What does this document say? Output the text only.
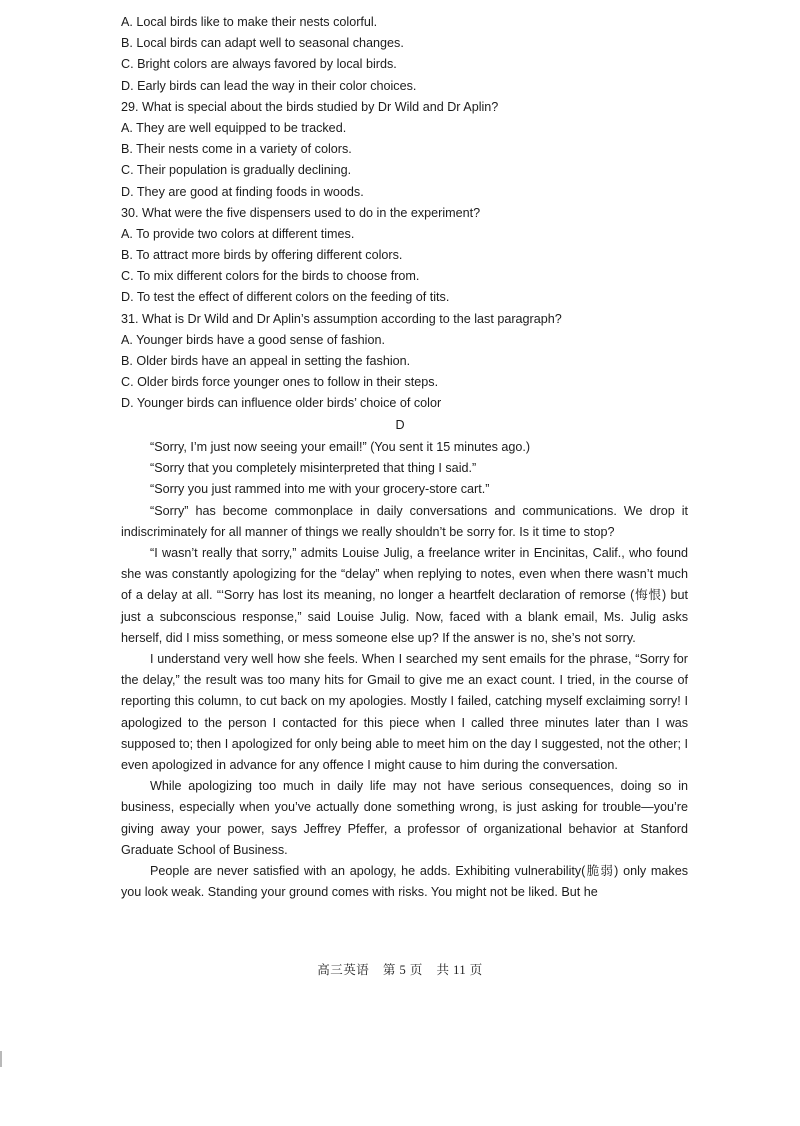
A. Local birds like to make their nests colorful.
B. Local birds can adapt well to seasonal changes.
C. Bright colors are always favored by local birds.
D. Early birds can lead the way in their color choices.
29. What is special about the birds studied by Dr Wild and Dr Aplin?
A. They are well equipped to be tracked.
B. Their nests come in a variety of colors.
C. Their population is gradually declining.
D. They are good at finding foods in woods.
30. What were the five dispensers used to do in the experiment?
A. To provide two colors at different times.
B. To attract more birds by offering different colors.
C. To mix different colors for the birds to choose from.
D. To test the effect of different colors on the feeding of tits.
31. What is Dr Wild and Dr Aplin’s assumption according to the last paragraph?
A. Younger birds have a good sense of fashion.
B. Older birds have an appeal in setting the fashion.
C. Older birds force younger ones to follow in their steps.
D. Younger birds can influence older birds’ choice of color
D

“Sorry, I’m just now seeing your email!” (You sent it 15 minutes ago.)

“Sorry that you completely misinterpreted that thing I said.”

“Sorry you just rammed into me with your grocery-store cart.”

“Sorry” has become commonplace in daily conversations and communications. We drop it indiscriminately for all manner of things we really shouldn’t be sorry for. Is it time to stop?

“I wasn’t really that sorry,” admits Louise Julig, a freelance writer in Encinitas, Calif., who found she was constantly apologizing for the “delay” when replying to notes, even when there wasn’t much of a delay at all. “‘Sorry has lost its meaning, no longer a heartfelt declaration of remorse (悔恨) but just a subconscious response,” said Louise Julig. Now, faced with a blank email, Ms. Julig asks herself, did I miss something, or mess someone else up? If the answer is no, she’s not sorry.

I understand very well how she feels. When I searched my sent emails for the phrase, “Sorry for the delay,” the result was too many hits for Gmail to give me an exact count. I tried, in the course of reporting this column, to cut back on my apologies. Mostly I failed, catching myself exclaiming sorry! I apologized to the person I contacted for this piece when I called three minutes later than I was supposed to; then I apologized for only being able to meet him on the day I suggested, not the other; I even apologized in advance for any offence I might cause to him during the conversation.

While apologizing too much in daily life may not have serious consequences, doing so in business, especially when you’ve actually done something wrong, is just asking for trouble—you’re giving away your power, says Jeffrey Pfeffer, a professor of organizational behavior at Stanford Graduate School of Business.

People are never satisfied with an apology, he adds. Exhibiting vulnerability(脆弱) only makes you look weak. Standing your ground comes with risks. You might not be liked. But he

高三英语 第 5 页 共 11 页
